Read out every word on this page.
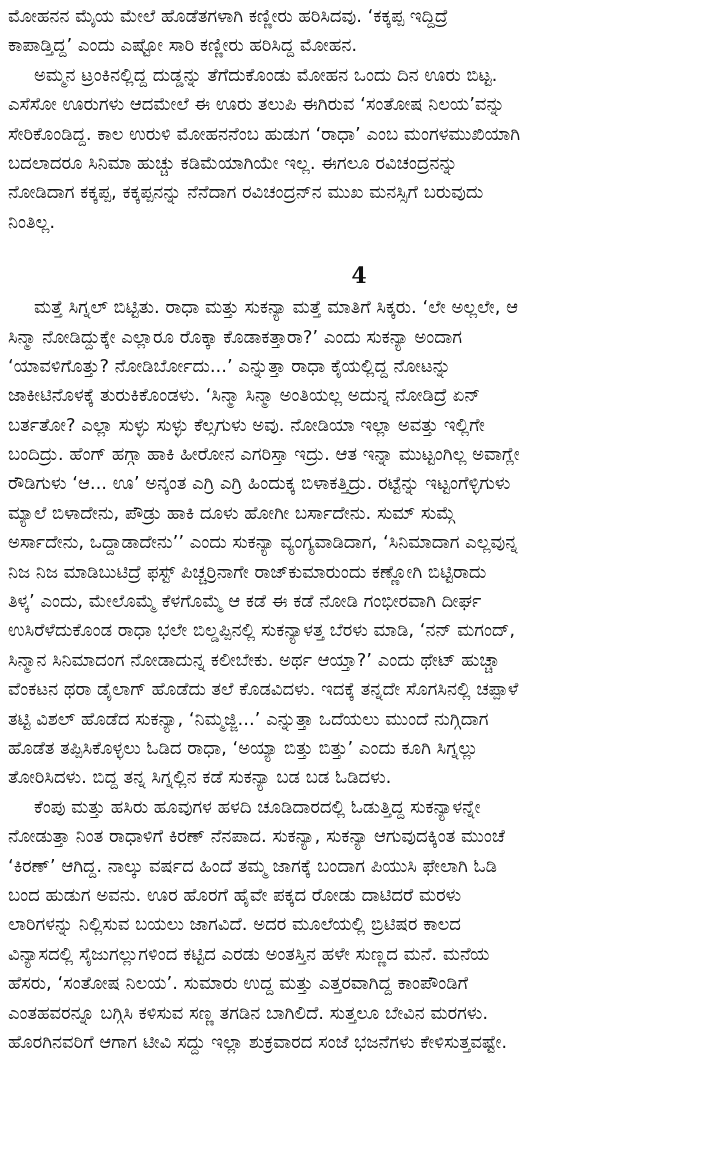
ಮೋಹನನ ಮೈಯ ಮೇಲೆ ಹೊಡೆತಗಳಾಗಿ ಕಣ್ಣೀರು ಹರಿಸಿದವು. ‘ಕಕ್ಕಪ್ಪ ಇದ್ದಿದ್ರೆ
ಕಾಪಾಡ್ತಿದ್ದ’ ಎಂದು ಎಷ್ಟೋ ಸಾರಿ ಕಣ್ಣೀರು ಹರಿಸಿದ್ದ ಮೋಹನ.
ಅಮ್ಮನ ಟ್ರಂಕಿನಲ್ಲಿದ್ದ ದುಡ್ಡನ್ನು ತೆಗೆದುಕೊಂಡು ಮೋಹನ ಒಂದು ದಿನ ಊರು ಬಿಟ್ಟ.
ಎಸೆಸೋ ಊರುಗಳು ಆದಮೇಲೆ ಈ ಊರು ತಲುಪಿ ಈಗಿರುವ ‘ಸಂತೋಷ ನಿಲಯ’ವನ್ನು
ಸೇರಿಕೊಂಡಿದ್ದ. ಕಾಲ ಉರುಳಿ ಮೋಹನನೆಂಬ ಹುಡುಗ ‘ರಾಧಾ’ ಎಂಬ ಮಂಗಳಮುಖಿಯಾಗಿ
ಬದಲಾದರೂ ಸಿನಿಮಾ ಹುಚ್ಚು ಕಡಿಮೆಯಾಗಿಯೇ ಇಲ್ಲ. ಈಗಲೂ ರವಿಚಂದ್ರನನ್ನು
ನೋಡಿದಾಗ ಕಕ್ಕಪ್ಪ, ಕಕ್ಕಪ್ಪನನ್ನು ನೆನೆದಾಗ ರವಿಚಂದ್ರನ್‌ನ ಮುಖ ಮನಸ್ಸಿಗೆ ಬರುವುದು
ನಿಂತಿಲ್ಲ.
4
ಮತ್ತೆ ಸಿಗ್ನಲ್ ಬಿಟ್ಟಿತು. ರಾಧಾ ಮತ್ತು ಸುಕನ್ಯಾ ಮತ್ತೆ ಮಾತಿಗೆ ಸಿಕ್ಕರು. ‘ಲೇ ಅಲ್ಲಲೇ, ಆ
ಸಿನ್ಮಾ ನೋಡಿದ್ದುಕ್ಕೇ ಎಲ್ಲಾರೂ ರೊಕ್ಕಾ ಕೊಡಾಕತ್ತಾರಾ?’ ಎಂದು ಸುಕನ್ಯಾ ಅಂದಾಗ
‘ಯಾವಳಿಗೊತ್ತು? ನೋಡಿರ್ಬೋದು...’ ಎನ್ನುತ್ತಾ ರಾಧಾ ಕೈಯಲ್ಲಿದ್ದ ನೋಟನ್ನು
ಜಾಕೀಟಿನೊಳಕ್ಕೆ ತುರುಕಿಕೊಂಡಳು. ‘ಸಿನ್ಮಾ ಸಿನ್ಮಾ ಅಂತಿಯಲ್ಲ ಅದುನ್ನ ನೋಡಿದ್ರೆ ಏನ್
ಬರ್ತತೋ? ಎಲ್ಲಾ ಸುಳ್ಳು ಸುಳ್ಳು ಕೆಲ್ಸಗುಳು ಅವು. ನೋಡಿಯಾ ಇಲ್ಲಾ ಅವತ್ತು ಇಲ್ಲಿಗೇ
ಬಂದಿದ್ರು. ಹೆಂಗ್ ಹಗ್ಗಾ ಹಾಕಿ ಹೀರೋನ ಎಗರಿಸ್ತಾ ಇದ್ರು. ಆತ ಇನ್ನಾ ಮುಟ್ಟಂಗಿಲ್ಲ ಅವಾಗ್ಲೇ
ರೌಡಿಗುಳು ‘ಆ... ಊ’ ಅನ್ಕಂತ ಎಗ್ರಿ ಎಗ್ರಿ ಹಿಂದುಕ್ಕ ಬಿಳಾಕತ್ತಿದ್ರು. ರಟ್ಟೆನ್ನು ಇಟ್ಟಂಗೆಳ್ಳಿಗುಳು
ಮ್ಯಾಲೆ ಬಿಳಾದೇನು, ಪೌಡ್ರು ಹಾಕಿ ದೂಳು ಹೋಗೀ ಬರ್ಸಾದೇನು. ಸುಮ್ ಸುಮ್ಗೆ
ಅರ್ಸಾದೇನು, ಒದ್ದಾಡಾದೇನು’’ ಎಂದು ಸುಕನ್ಯಾ ವ್ಯಂಗ್ಯವಾಡಿದಾಗ, ‘ಸಿನಿಮಾದಾಗ ಎಲ್ಲವುನ್ನ
ನಿಜ ನಿಜ ಮಾಡಿಬುಟಿದ್ರೆ ಫಸ್ಟ್ ಪಿಚ್ಚರ್ರಿನಾಗೇ ರಾಜ್‌ಕುಮಾರುಂದು ಕಣ್ಣೋಗಿ ಬಿಟ್ಟಿರಾದು
ತಿಳ್ಕ’ ಎಂದು, ಮೇಲೊಮ್ಮೆ ಕೆಳಗೊಮ್ಮೆ ಆ ಕಡೆ ಈ ಕಡೆ ನೋಡಿ ಗಂಭೀರವಾಗಿ ದೀರ್ಘ
ಉಸಿರೆಳೆದುಕೊಂಡ ರಾಧಾ ಭಲೇ ಬಿಲ್ಡಪ್ಪಿನಲ್ಲಿ ಸುಕನ್ಯಾಳತ್ತ ಬೆರಳು ಮಾಡಿ, ‘ನನ್ ಮಗಂದ್,
ಸಿನ್ಮಾನ ಸಿನಿಮಾದಂಗ ನೋಡಾದುನ್ನ ಕಲೀಬೇಕು. ಅರ್ಥ ಆಯ್ತಾ?’ ಎಂದು ಥೇಟ್ ಹುಚ್ಚಾ
ವೆಂಕಟನ ಥರಾ ಡೈಲಾಗ್ ಹೊಡೆದು ತಲೆ ಕೊಡವಿದಳು. ಇದಕ್ಕೆ ತನ್ನದೇ ಸೊಗಸಿನಲ್ಲಿ ಚಪ್ಪಾಳೆ
ತಟ್ಟಿ ವಿಶಲ್ ಹೊಡೆದ ಸುಕನ್ಯಾ, ‘ನಿಮ್ಮಜ್ಜಿ...’ ಎನ್ನುತ್ತಾ ಒದೆಯಲು ಮುಂದೆ ನುಗ್ಗಿದಾಗ
ಹೊಡೆತ ತಪ್ಪಿಸಿಕೊಳ್ಳಲು ಓಡಿದ ರಾಧಾ, ‘ಅಯ್ಯಾ ಬಿತ್ತು ಬಿತ್ತು’ ಎಂದು ಕೂಗಿ ಸಿಗ್ನಲ್ಲು
ತೋರಿಸಿದಳು. ಬಿದ್ದ ತನ್ನ ಸಿಗ್ನಲ್ಲಿನ ಕಡೆ ಸುಕನ್ಯಾ ಬಡ ಬಡ ಓಡಿದಳು.
ಕೆಂಪು ಮತ್ತು ಹಸಿರು ಹೂವುಗಳ ಹಳದಿ ಚೂಡಿದಾರದಲ್ಲಿ ಓಡುತ್ತಿದ್ದ ಸುಕನ್ಯಾಳನ್ನೇ
ನೋಡುತ್ತಾ ನಿಂತ ರಾಧಾಳಿಗೆ ಕಿರಣ್ ನೆನಪಾದ. ಸುಕನ್ಯಾ, ಸುಕನ್ಯಾ ಆಗುವುದಕ್ಕಿಂತ ಮುಂಚೆ
‘ಕಿರಣ್’ ಆಗಿದ್ದ. ನಾಲ್ಕು ವರ್ಷದ ಹಿಂದೆ ತಮ್ಮ ಜಾಗಕ್ಕೆ ಬಂದಾಗ ಪಿಯುಸಿ ಫೇಲಾಗಿ ಓಡಿ
ಬಂದ ಹುಡುಗ ಅವನು. ಊರ ಹೊರಗೆ ಹೈವೇ ಪಕ್ಕದ ರೋಡು ದಾಟಿದರೆ ಮರಳು
ಲಾರಿಗಳನ್ನು ನಿಲ್ಲಿಸುವ ಬಯಲು ಜಾಗವಿದೆ. ಅದರ ಮೂಲೆಯಲ್ಲಿ ಬ್ರಿಟಿಷರ ಕಾಲದ
ವಿನ್ಯಾಸದಲ್ಲಿ ಸೈಜುಗಲ್ಲುಗಳಿಂದ ಕಟ್ಟಿದ ಎರಡು ಅಂತಸ್ತಿನ ಹಳೇ ಸುಣ್ಣದ ಮನೆ. ಮನೆಯ
ಹೆಸರು, ‘ಸಂತೋಷ ನಿಲಯ’. ಸುಮಾರು ಉದ್ದ ಮತ್ತು ಎತ್ತರವಾಗಿದ್ದ ಕಾಂಪೌಂಡಿಗೆ
ಎಂತಹವರನ್ನೂ ಬಗ್ಗಿಸಿ ಕಳಿಸುವ ಸಣ್ಣ ತಗಡಿನ ಬಾಗಿಲಿದೆ. ಸುತ್ತಲೂ ಬೇವಿನ ಮರಗಳು.
ಹೊರಗಿನವರಿಗೆ ಆಗಾಗ ಟೀವಿ ಸದ್ದು ಇಲ್ಲಾ ಶುಕ್ರವಾರದ ಸಂಜೆ ಭಜನೆಗಳು ಕೇಳಿಸುತ್ತವಷ್ಟೇ.
